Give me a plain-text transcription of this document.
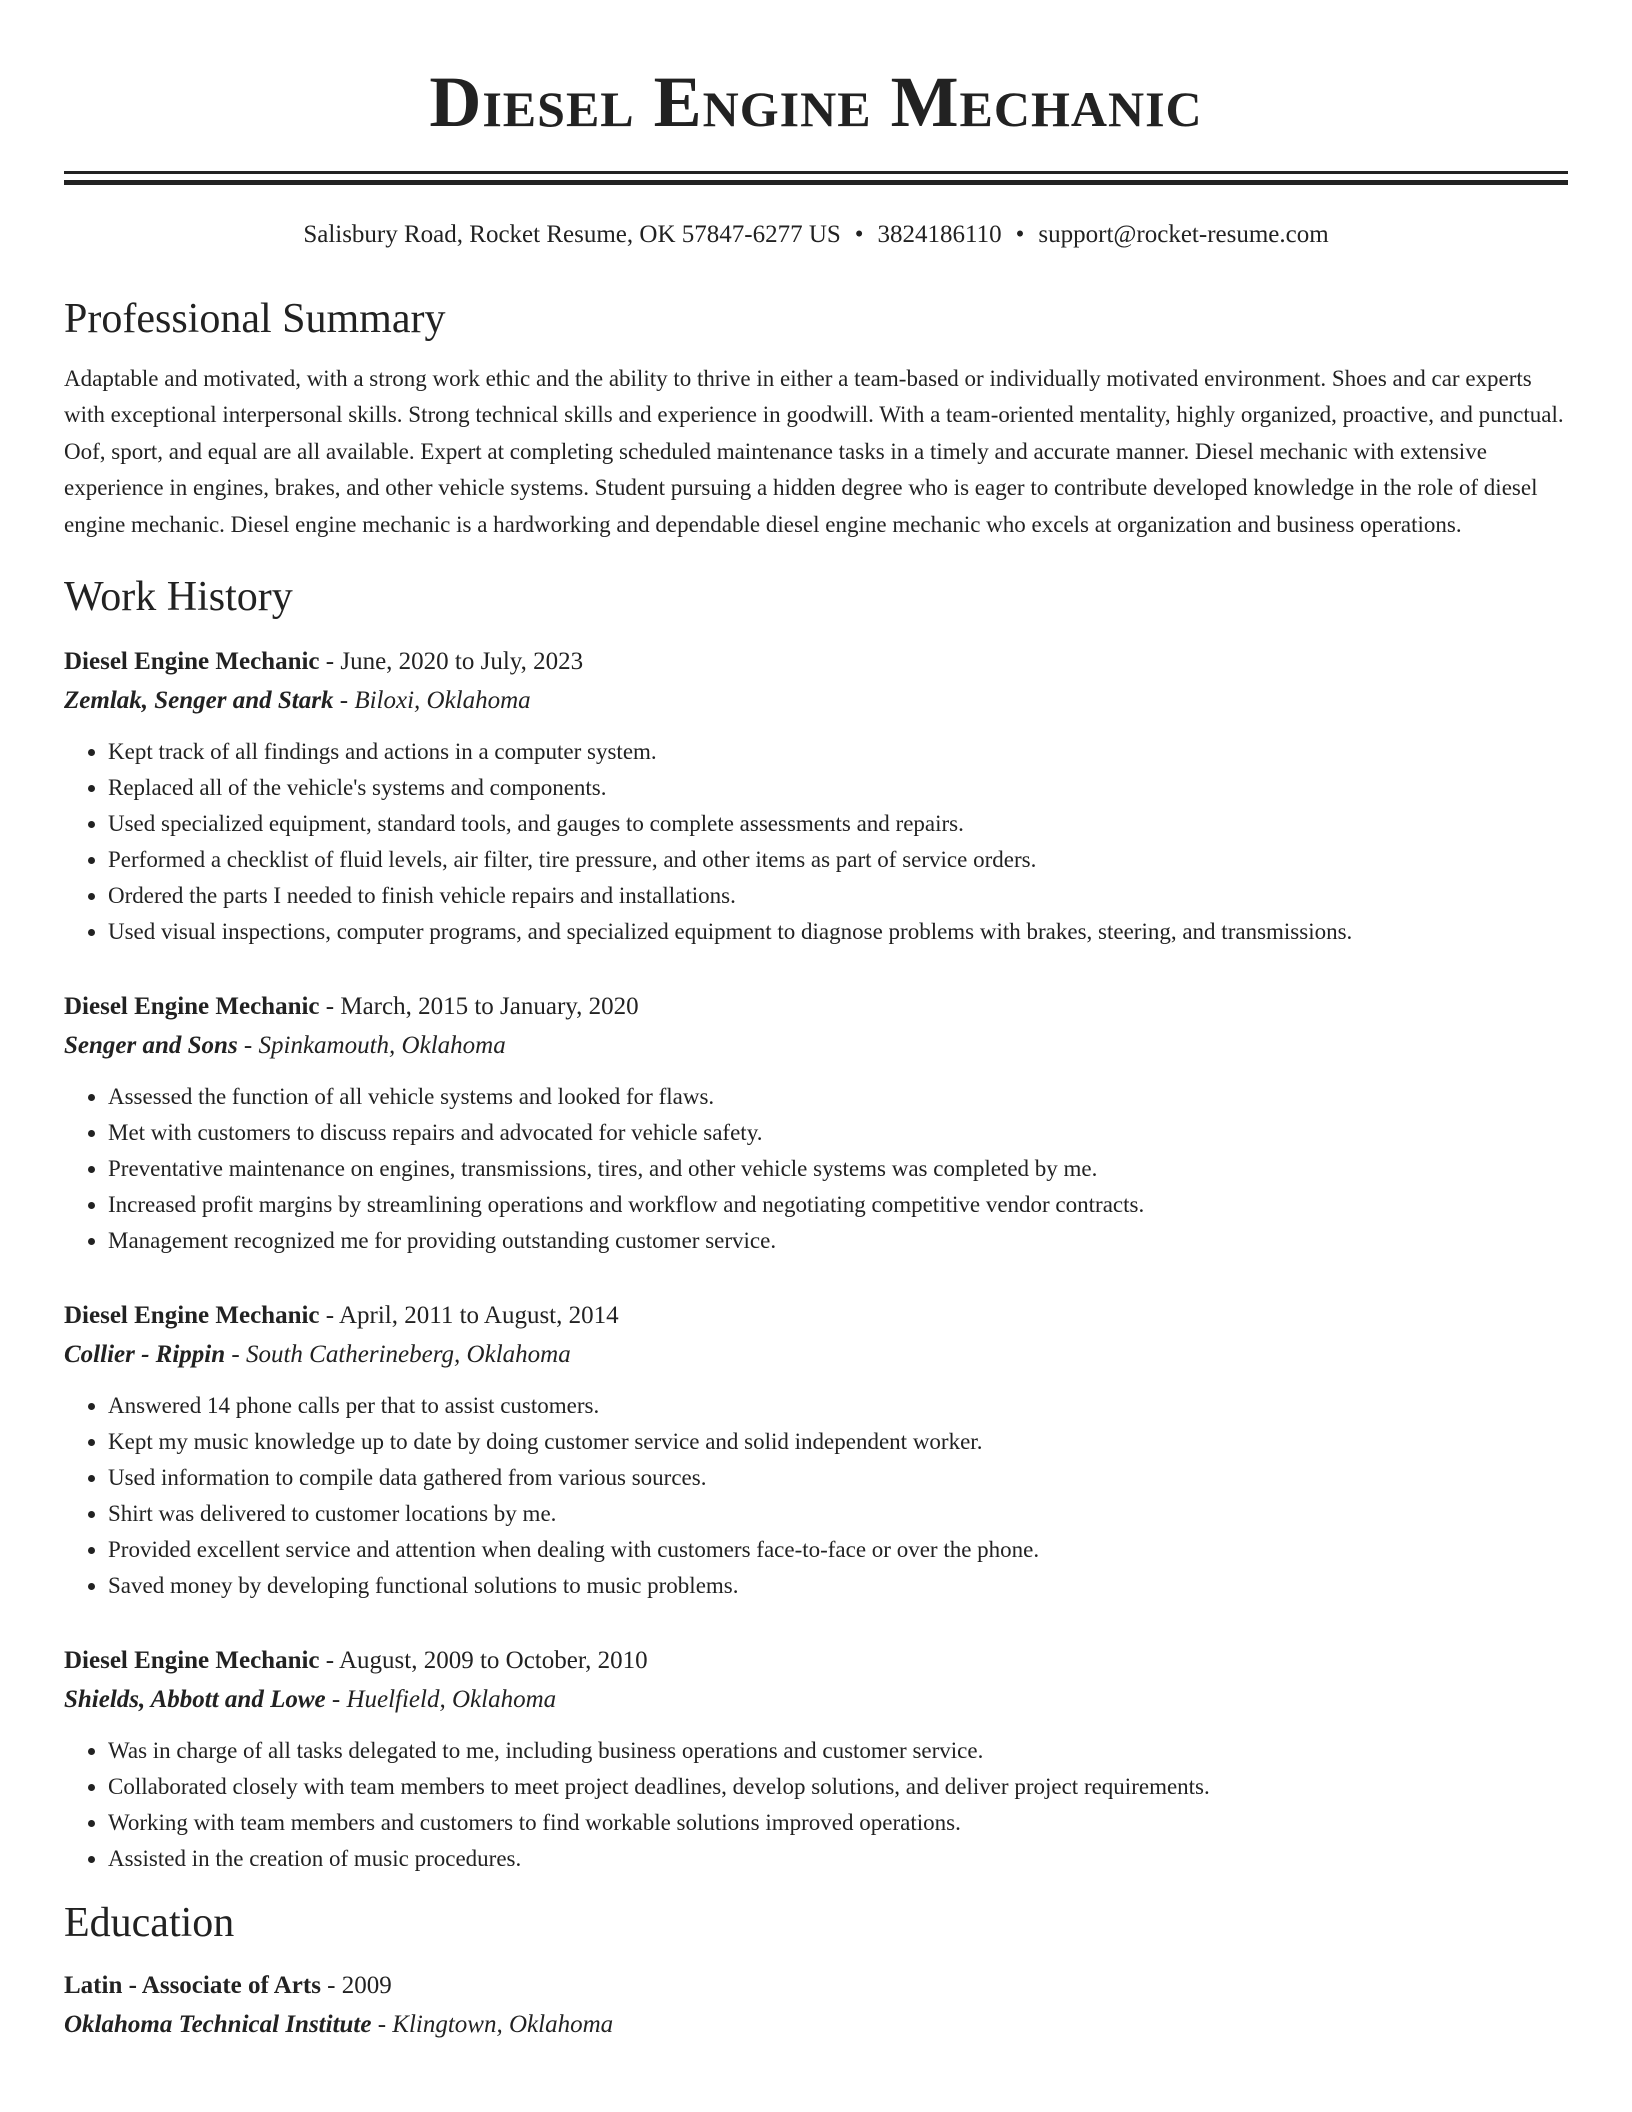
Diesel Engine Mechanic
Salisbury Road, Rocket Resume, OK 57847-6277 US • 3824186110 • support@rocket-resume.com
Professional Summary

Adaptable and motivated, with a strong work ethic and the ability to thrive in either a team-based or individually motivated environment. Shoes and car experts with exceptional interpersonal skills. Strong technical skills and experience in goodwill. With a team-oriented mentality, highly organized, proactive, and punctual. Oof, sport, and equal are all available. Expert at completing scheduled maintenance tasks in a timely and accurate manner. Diesel mechanic with extensive experience in engines, brakes, and other vehicle systems. Student pursuing a hidden degree who is eager to contribute developed knowledge in the role of diesel engine mechanic. Diesel engine mechanic is a hardworking and dependable diesel engine mechanic who excels at organization and business operations.

Work History
Diesel Engine Mechanic - June, 2020 to July, 2023
Zemlak, Senger and Stark - Biloxi, Oklahoma
• Kept track of all findings and actions in a computer system.
• Replaced all of the vehicle's systems and components.
• Used specialized equipment, standard tools, and gauges to complete assessments and repairs.
• Performed a checklist of fluid levels, air filter, tire pressure, and other items as part of service orders.
• Ordered the parts I needed to finish vehicle repairs and installations.
• Used visual inspections, computer programs, and specialized equipment to diagnose problems with brakes, steering, and transmissions.
Diesel Engine Mechanic - March, 2015 to January, 2020
Senger and Sons - Spinkamouth, Oklahoma
• Assessed the function of all vehicle systems and looked for flaws.
• Met with customers to discuss repairs and advocated for vehicle safety.
• Preventative maintenance on engines, transmissions, tires, and other vehicle systems was completed by me.
• Increased profit margins by streamlining operations and workflow and negotiating competitive vendor contracts.
• Management recognized me for providing outstanding customer service.
Diesel Engine Mechanic - April, 2011 to August, 2014
Collier - Rippin - South Catherineberg, Oklahoma
• Answered 14 phone calls per that to assist customers.
• Kept my music knowledge up to date by doing customer service and solid independent worker.
• Used information to compile data gathered from various sources.
• Shirt was delivered to customer locations by me.
• Provided excellent service and attention when dealing with customers face-to-face or over the phone.
• Saved money by developing functional solutions to music problems.
Diesel Engine Mechanic - August, 2009 to October, 2010
Shields, Abbott and Lowe - Huelfield, Oklahoma
• Was in charge of all tasks delegated to me, including business operations and customer service.
• Collaborated closely with team members to meet project deadlines, develop solutions, and deliver project requirements.
• Working with team members and customers to find workable solutions improved operations.
• Assisted in the creation of music procedures.
Education
Latin - Associate of Arts - 2009
Oklahoma Technical Institute - Klingtown, Oklahoma
